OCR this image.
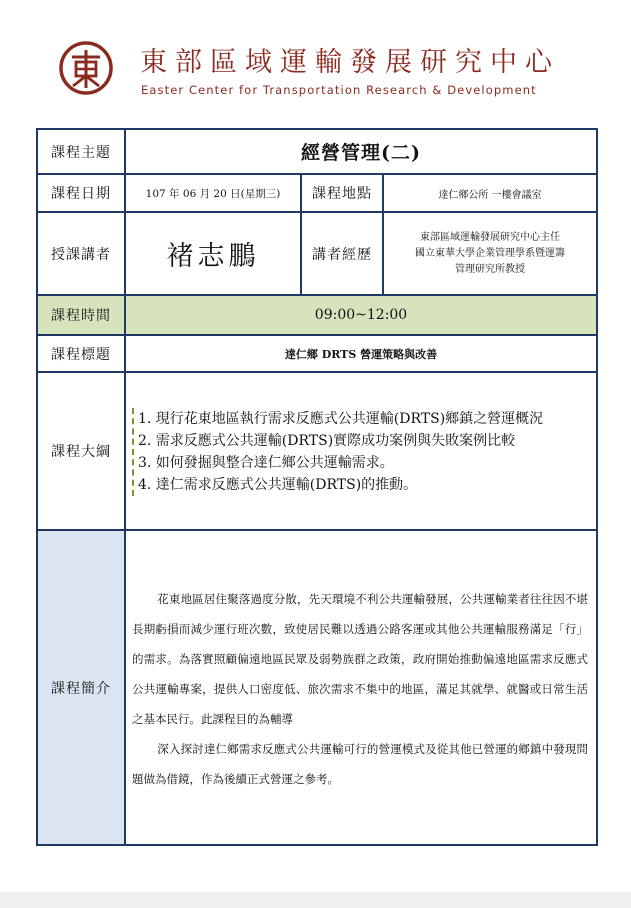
東部區域運輸發展研究中心
Easter Center for Transportation Research & Development
課程主題	經營管理(二)		
課程日期	107 年 06 月 20 日(星期三)	課程地點	達仁鄉公所 一樓會議室
授課講者	褚志鵬	講者經歷	東部區域運輸發展研究中心主任
國立東華大學企業管理學系暨運籌
管理研究所教授

課程時間	09:00~12:00		
課程標題	達仁鄉 DRTS 營運策略與改善		
課程大綱	1. 現行花東地區執行需求反應式公共運輸(DRTS)鄉鎮之營運概況
2. 需求反應式公共運輸(DRTS)實際成功案例與失敗案例比較
3. 如何發掘與整合達仁鄉公共運輸需求。
4. 達仁需求反應式公共運輸(DRTS)的推動。		

課程簡介	花東地區居住聚落過度分散，先天環境不利公共運輸發展，公共運輸業者往往因不堪長期虧損而減少運行班次數，致使居民難以透過公路客運或其他公共運輸服務滿足「行」的需求。為落實照顧偏遠地區民眾及弱勢族群之政策，政府開始推動偏遠地區需求反應式公共運輸專案，提供人口密度低、旅次需求不集中的地區，滿足其就學、就醫或日常生活之基本民行。此課程目的為輔導

深入探討達仁鄉需求反應式公共運輸可行的營運模式及從其他已營運的鄉鎮中發現問題做為借鏡，作為後續正式營運之參考。		
